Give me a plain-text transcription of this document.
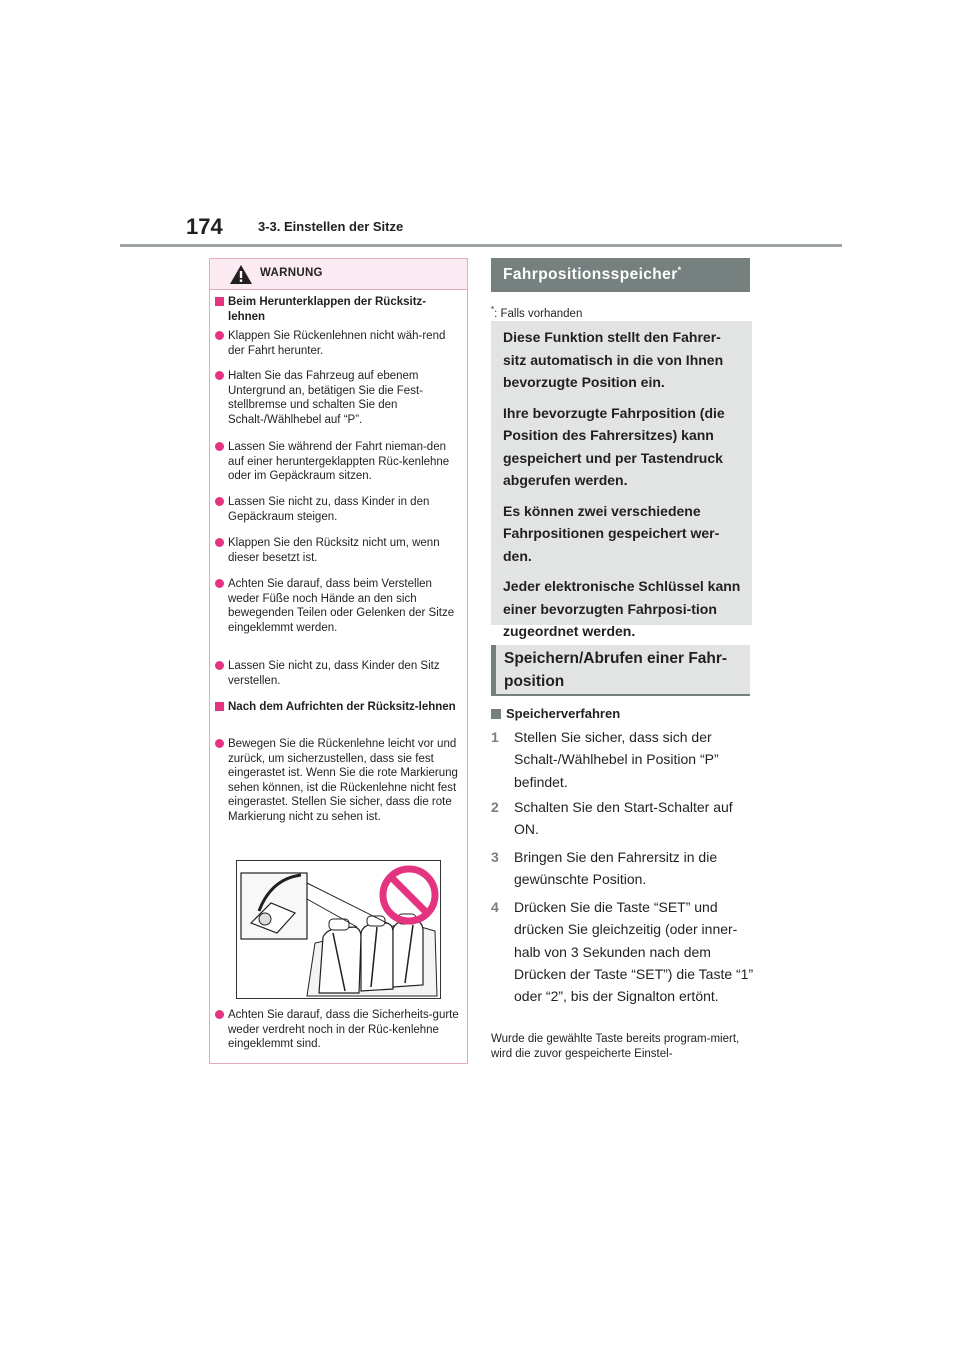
174	3-3. Einstellen der Sitze
WARNUNG
Beim Herunterklappen der Rücksitz-lehnen
Klappen Sie Rückenlehnen nicht wäh-rend der Fahrt herunter.
Halten Sie das Fahrzeug auf ebenem Untergrund an, betätigen Sie die Fest-stellbremse und schalten Sie den Schalt-/Wählhebel auf “P”.
Lassen Sie während der Fahrt nieman-den auf einer heruntergeklappten Rüc-kenlehne oder im Gepäckraum sitzen.
Lassen Sie nicht zu, dass Kinder in den Gepäckraum steigen.
Klappen Sie den Rücksitz nicht um, wenn dieser besetzt ist.
Achten Sie darauf, dass beim Verstellen weder Füße noch Hände an den sich bewegenden Teilen oder Gelenken der Sitze eingeklemmt werden.
Lassen Sie nicht zu, dass Kinder den Sitz verstellen.
Nach dem Aufrichten der Rücksitz-lehnen
Bewegen Sie die Rückenlehne leicht vor und zurück, um sicherzustellen, dass sie fest eingerastet ist. Wenn Sie die rote Markierung sehen können, ist die Rückenlehne nicht fest eingerastet. Stellen Sie sicher, dass die rote Markierung nicht zu sehen ist.
Achten Sie darauf, dass die Sicherheits-gurte weder verdreht noch in der Rüc-kenlehne eingeklemmt sind.
Fahrpositionsspeicher*
*: Falls vorhanden

Diese Funktion stellt den Fahrer-sitz automatisch in die von Ihnen bevorzugte Position ein.

Ihre bevorzugte Fahrposition (die Position des Fahrersitzes) kann gespeichert und per Tastendruck abgerufen werden.

Es können zwei verschiedene Fahrpositionen gespeichert wer-den.

Jeder elektronische Schlüssel kann einer bevorzugten Fahrposi-tion zugeordnet werden.

Speichern/Abrufen einer Fahr-position
Speicherverfahren
1 Stellen Sie sicher, dass sich der Schalt-/Wählhebel in Position “P” befindet.
2 Schalten Sie den Start-Schalter auf ON.
3 Bringen Sie den Fahrersitz in die gewünschte Position.
4 Drücken Sie die Taste “SET” und drücken Sie gleichzeitig (oder inner-halb von 3 Sekunden nach dem Drücken der Taste “SET”) die Taste “1” oder “2”, bis der Signalton ertönt.
Wurde die gewählte Taste bereits program-miert, wird die zuvor gespeicherte Einstel-
